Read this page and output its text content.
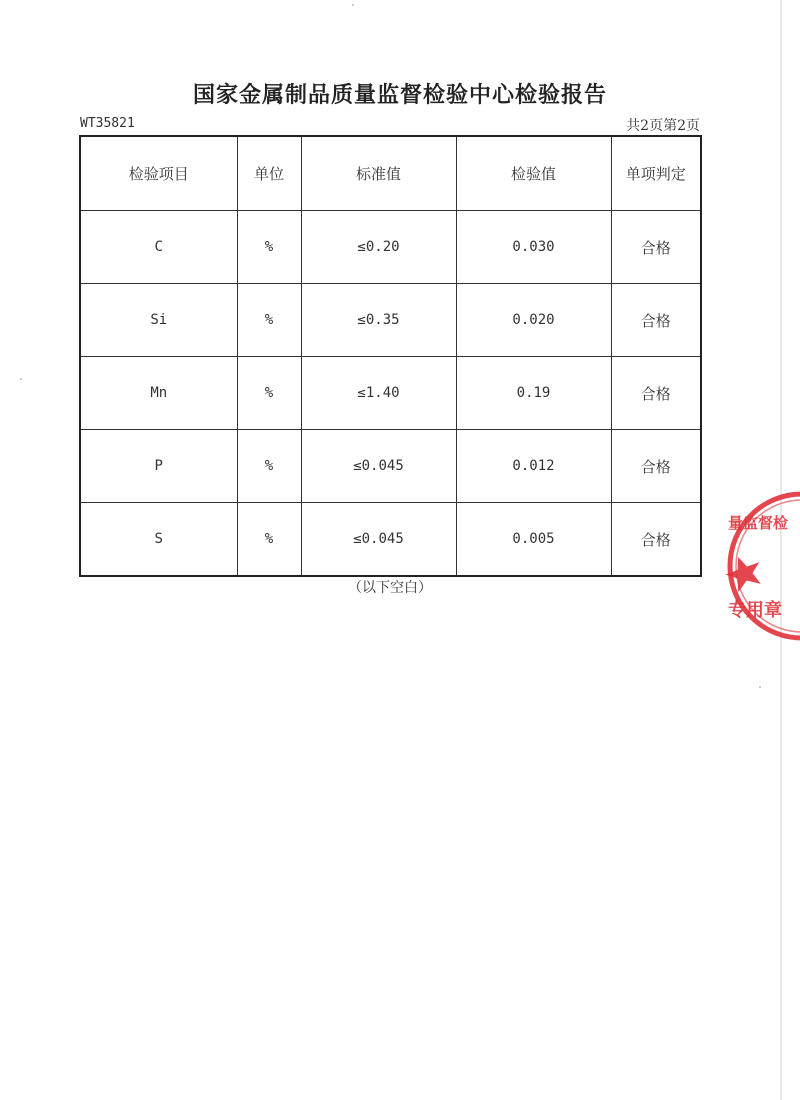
国家金属制品质量监督检验中心检验报告
WT35821	共2页第2页
检验项目	单位	标准值	检验值	单项判定
C	%	≤0.20	0.030	合格
Si	%	≤0.35	0.020	合格
Mn	%	≤1.40	0.19	合格
P	%	≤0.045	0.012	合格
S	%	≤0.045	0.005	合格
（以下空白）
量监督检
专用章
